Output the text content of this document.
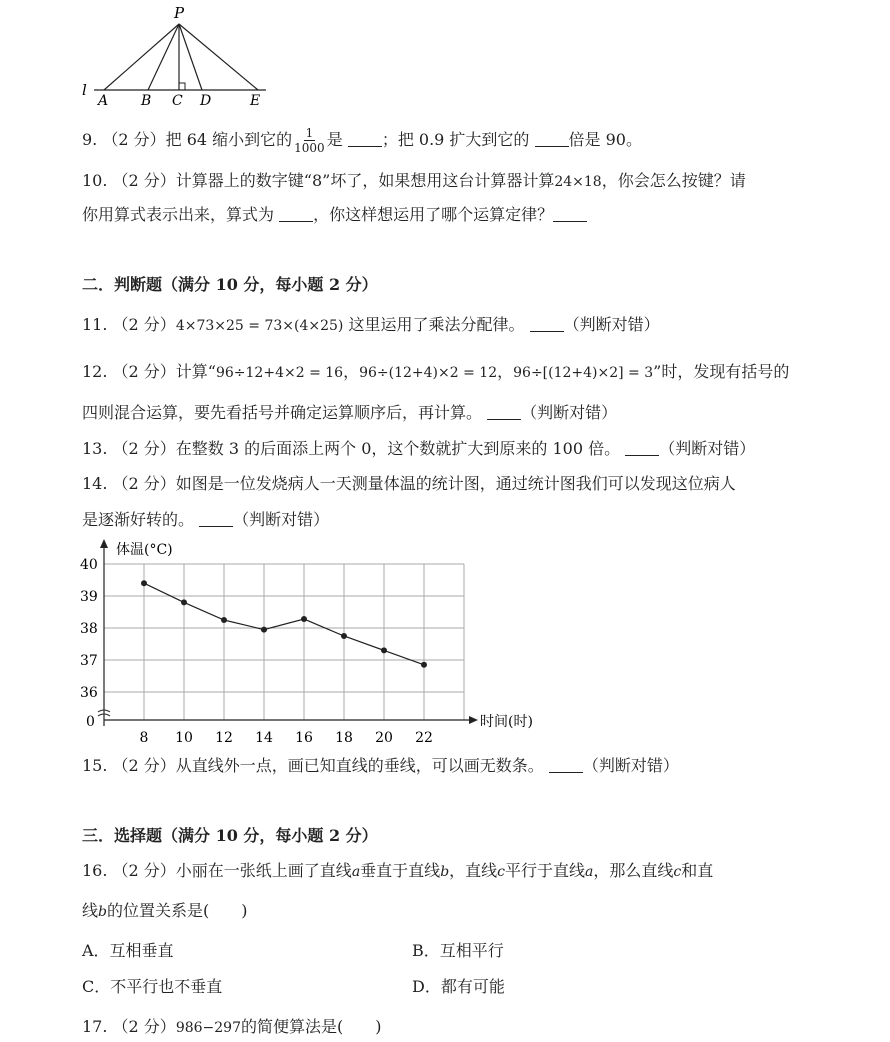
P
l
A B C D	E
9. （2 分）把 64 缩小到它的 $\frac{1}{1000}$ 是 ；把 0.9 扩大到它的 倍是 90。
10. （2 分）计算器上的数字键“8”坏了，如果想用这台计算器计算24×18，你会怎么按键？请
你用算式表示出来，算式为 ，你这样想运用了哪个运算定律？
二．判断题（满分 10 分，每小题 2 分）
11. （2 分）4×73×25 = 73×(4×25) 这里运用了乘法分配律。 （判断对错）
12. （2 分）计算“96÷12+4×2 = 16，96÷(12+4)×2 = 12，96÷[(12+4)×2] = 3”时，发现有括号的
四则混合运算，要先看括号并确定运算顺序后，再计算。 （判断对错）
13. （2 分）在整数 3 的后面添上两个 0，这个数就扩大到原来的 100 倍。 （判断对错）
14. （2 分）如图是一位发烧病人一天测量体温的统计图，通过统计图我们可以发现这位病人
是逐渐好转的。 （判断对错）
体温(°C)
时间(时)
0
40
39
38
37
36
8 10 12 14 16 18 20 22
15. （2 分）从直线外一点，画已知直线的垂线，可以画无数条。 （判断对错）
三．选择题（满分 10 分，每小题 2 分）
16. （2 分）小丽在一张纸上画了直线a垂直于直线b，直线c平行于直线a，那么直线c和直
线b的位置关系是(　　)
A．互相垂直	B．互相平行
C．不平行也不垂直	D．都有可能
17. （2 分）986−297的简便算法是(　　)
